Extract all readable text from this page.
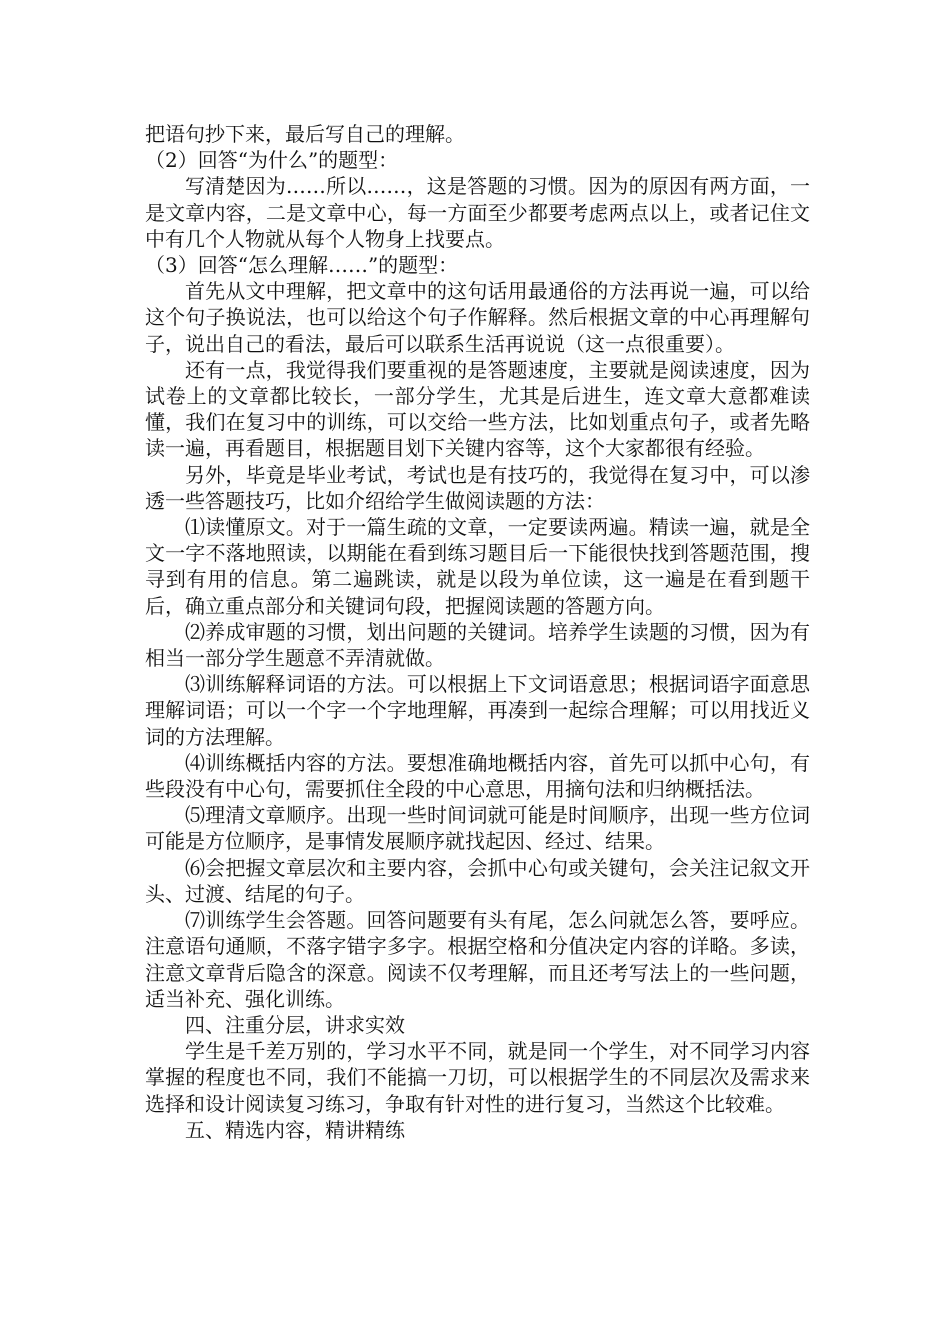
把语句抄下来，最后写自己的理解。

（2）回答“为什么”的题型：

写清楚因为……所以……，这是答题的习惯。因为的原因有两方面，一是文章内容，二是文章中心，每一方面至少都要考虑两点以上，或者记住文中有几个人物就从每个人物身上找要点。

（3）回答“怎么理解……”的题型：

首先从文中理解，把文章中的这句话用最通俗的方法再说一遍，可以给这个句子换说法，也可以给这个句子作解释。然后根据文章的中心再理解句子，说出自己的看法，最后可以联系生活再说说（这一点很重要）。

还有一点，我觉得我们要重视的是答题速度，主要就是阅读速度，因为试卷上的文章都比较长，一部分学生，尤其是后进生，连文章大意都难读懂，我们在复习中的训练，可以交给一些方法，比如划重点句子，或者先略读一遍，再看题目，根据题目划下关键内容等，这个大家都很有经验。

另外，毕竟是毕业考试，考试也是有技巧的，我觉得在复习中，可以渗透一些答题技巧，比如介绍给学生做阅读题的方法：

⑴读懂原文。对于一篇生疏的文章，一定要读两遍。精读一遍，就是全文一字不落地照读，以期能在看到练习题目后一下能很快找到答题范围，搜寻到有用的信息。第二遍跳读，就是以段为单位读，这一遍是在看到题干后，确立重点部分和关键词句段，把握阅读题的答题方向。

⑵养成审题的习惯，划出问题的关键词。培养学生读题的习惯，因为有相当一部分学生题意不弄清就做。

⑶训练解释词语的方法。可以根据上下文词语意思；根据词语字面意思理解词语；可以一个字一个字地理解，再凑到一起综合理解；可以用找近义词的方法理解。

⑷训练概括内容的方法。要想准确地概括内容，首先可以抓中心句，有些段没有中心句，需要抓住全段的中心意思，用摘句法和归纳概括法。

⑸理清文章顺序。出现一些时间词就可能是时间顺序，出现一些方位词可能是方位顺序，是事情发展顺序就找起因、经过、结果。

⑹会把握文章层次和主要内容，会抓中心句或关键句，会关注记叙文开头、过渡、结尾的句子。

⑺训练学生会答题。回答问题要有头有尾，怎么问就怎么答，要呼应。注意语句通顺，不落字错字多字。根据空格和分值决定内容的详略。多读，注意文章背后隐含的深意。阅读不仅考理解，而且还考写法上的一些问题，适当补充、强化训练。

四、注重分层，讲求实效

学生是千差万别的，学习水平不同，就是同一个学生，对不同学习内容掌握的程度也不同，我们不能搞一刀切，可以根据学生的不同层次及需求来选择和设计阅读复习练习，争取有针对性的进行复习，当然这个比较难。

五、精选内容，精讲精练
